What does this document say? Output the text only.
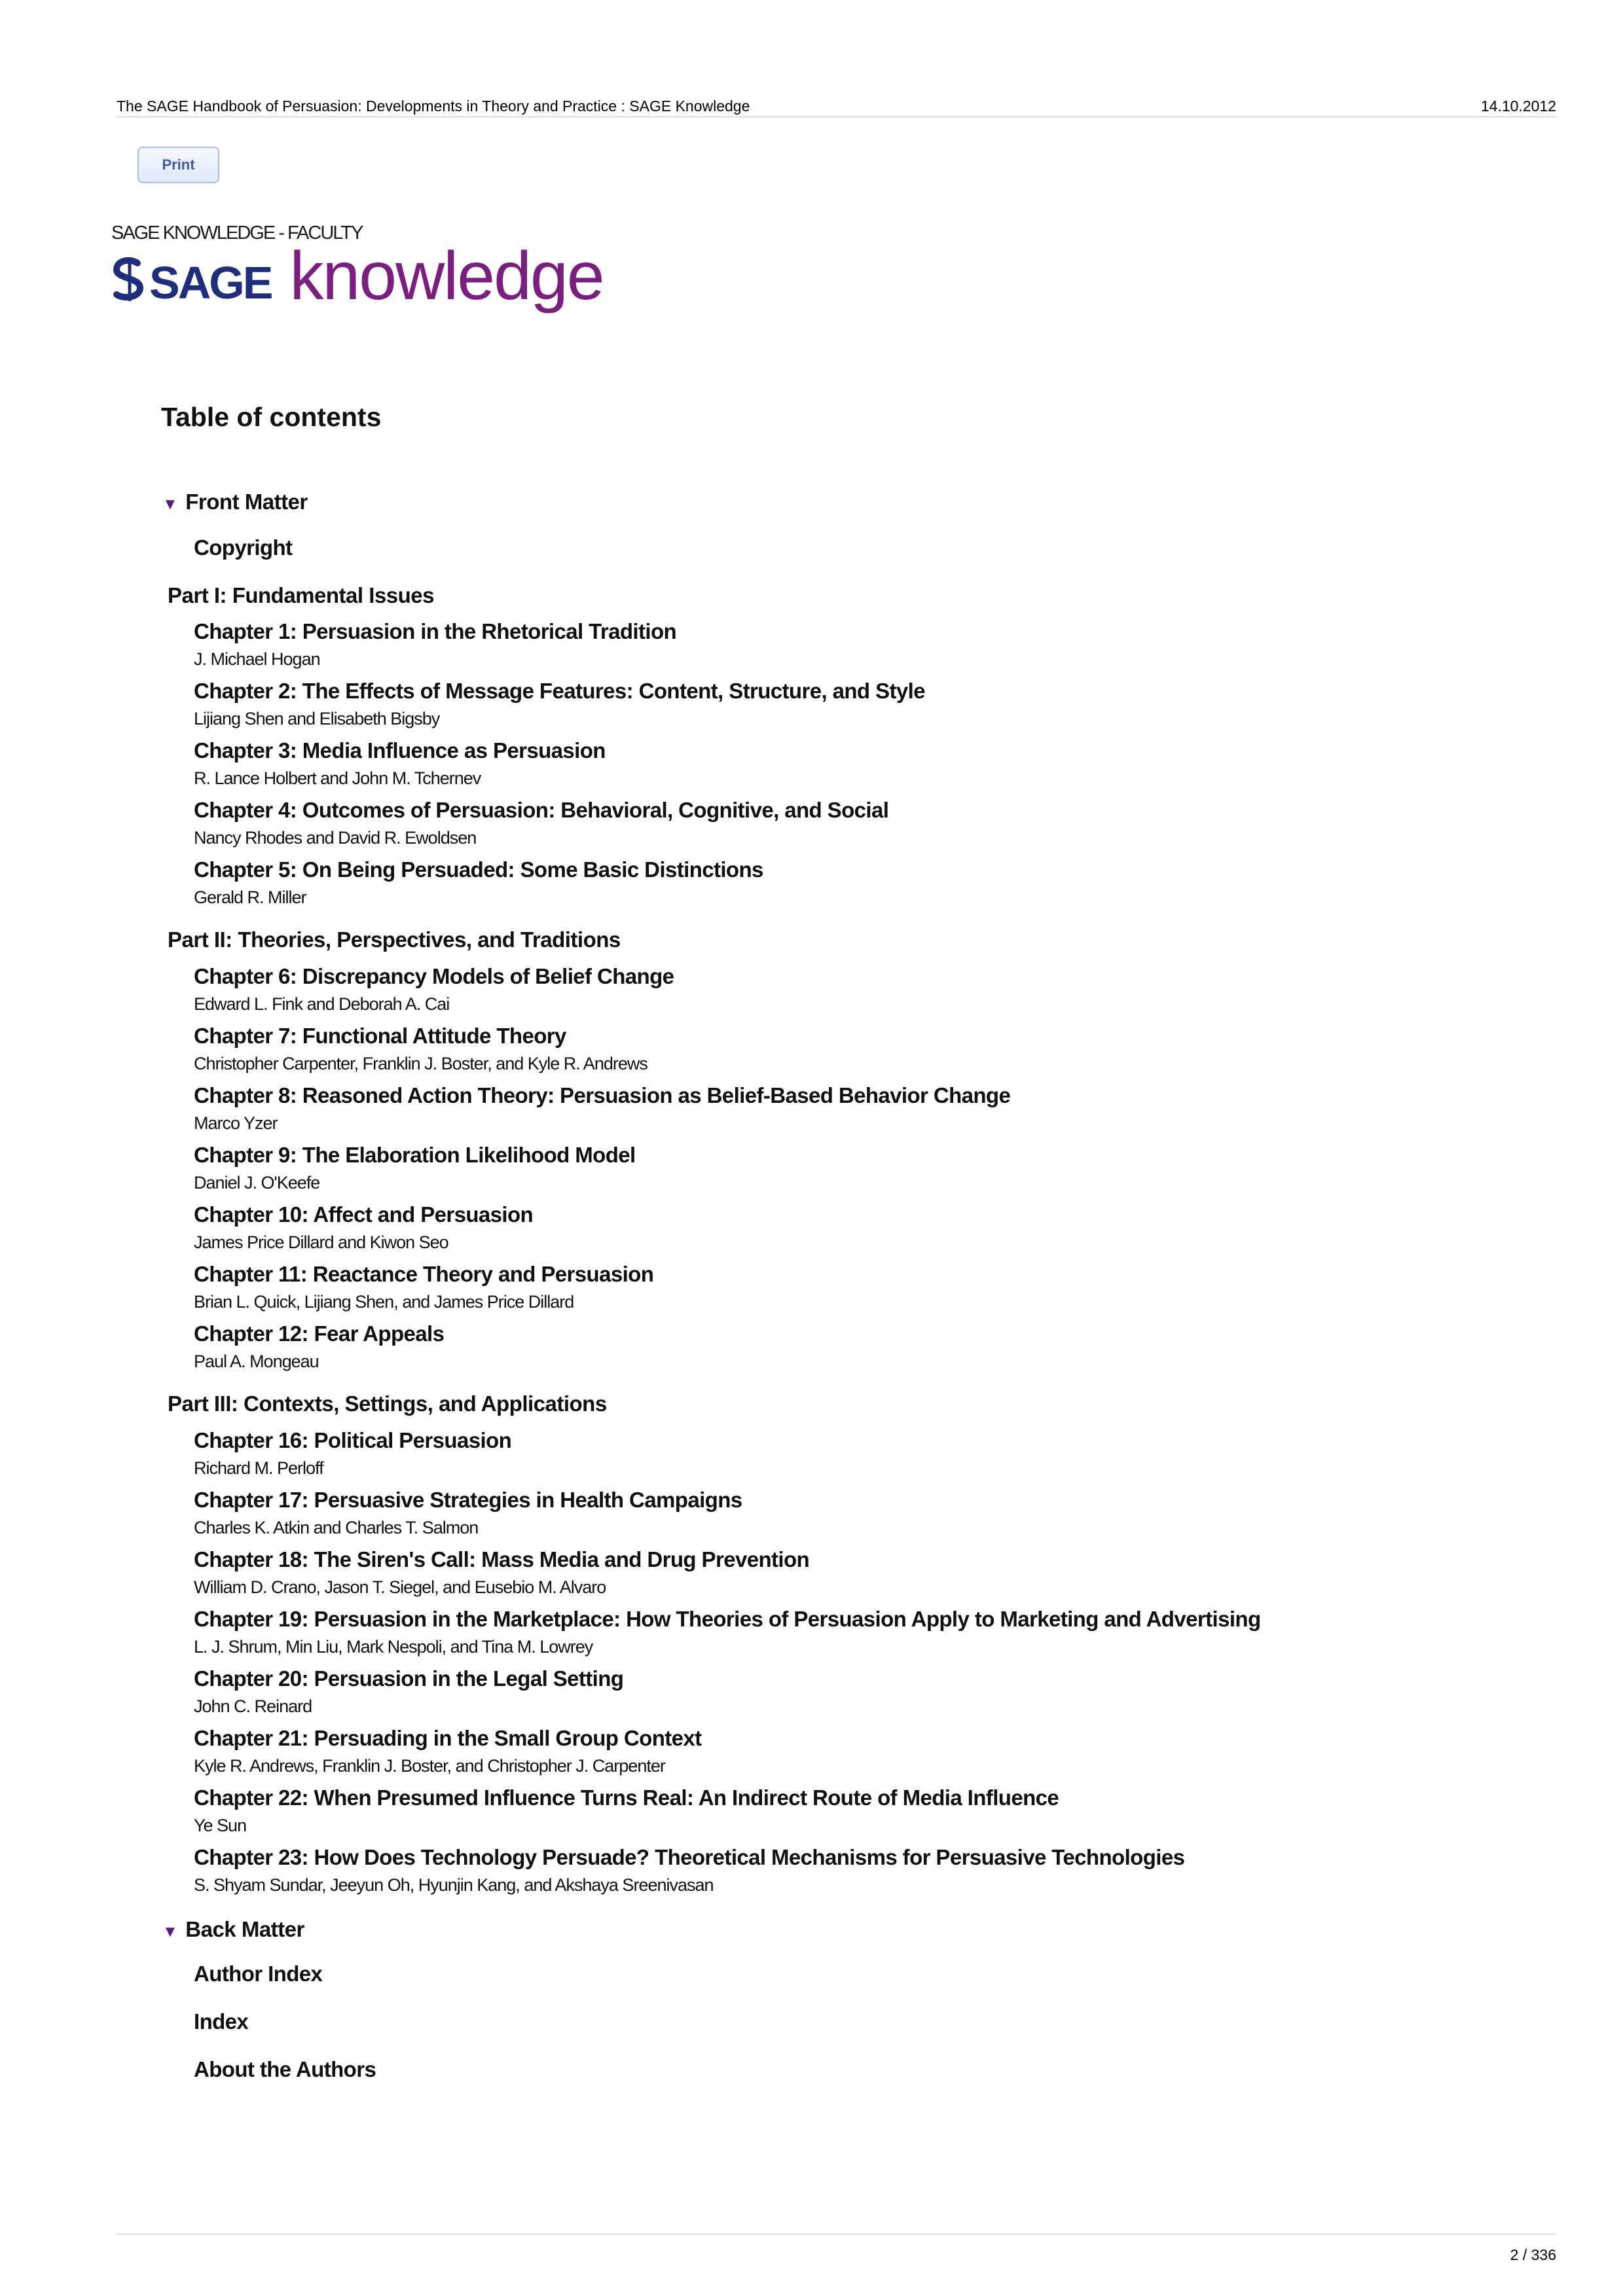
The SAGE Handbook of Persuasion: Developments in Theory and Practice : SAGE Knowledge	14.10.2012
Print
SAGE KNOWLEDGE - FACULTY
SAGE knowledge
Table of contents
▼ Front Matter
Copyright
Part I: Fundamental Issues
Chapter 1: Persuasion in the Rhetorical Tradition
J. Michael Hogan
Chapter 2: The Effects of Message Features: Content, Structure, and Style
Lijiang Shen and Elisabeth Bigsby
Chapter 3: Media Influence as Persuasion
R. Lance Holbert and John M. Tchernev
Chapter 4: Outcomes of Persuasion: Behavioral, Cognitive, and Social
Nancy Rhodes and David R. Ewoldsen
Chapter 5: On Being Persuaded: Some Basic Distinctions
Gerald R. Miller
Part II: Theories, Perspectives, and Traditions
Chapter 6: Discrepancy Models of Belief Change
Edward L. Fink and Deborah A. Cai
Chapter 7: Functional Attitude Theory
Christopher Carpenter, Franklin J. Boster, and Kyle R. Andrews
Chapter 8: Reasoned Action Theory: Persuasion as Belief-Based Behavior Change
Marco Yzer
Chapter 9: The Elaboration Likelihood Model
Daniel J. O'Keefe
Chapter 10: Affect and Persuasion
James Price Dillard and Kiwon Seo
Chapter 11: Reactance Theory and Persuasion
Brian L. Quick, Lijiang Shen, and James Price Dillard
Chapter 12: Fear Appeals
Paul A. Mongeau
Part III: Contexts, Settings, and Applications
Chapter 16: Political Persuasion
Richard M. Perloff
Chapter 17: Persuasive Strategies in Health Campaigns
Charles K. Atkin and Charles T. Salmon
Chapter 18: The Siren's Call: Mass Media and Drug Prevention
William D. Crano, Jason T. Siegel, and Eusebio M. Alvaro
Chapter 19: Persuasion in the Marketplace: How Theories of Persuasion Apply to Marketing and Advertising
L. J. Shrum, Min Liu, Mark Nespoli, and Tina M. Lowrey
Chapter 20: Persuasion in the Legal Setting
John C. Reinard
Chapter 21: Persuading in the Small Group Context
Kyle R. Andrews, Franklin J. Boster, and Christopher J. Carpenter
Chapter 22: When Presumed Influence Turns Real: An Indirect Route of Media Influence
Ye Sun
Chapter 23: How Does Technology Persuade? Theoretical Mechanisms for Persuasive Technologies
S. Shyam Sundar, Jeeyun Oh, Hyunjin Kang, and Akshaya Sreenivasan
▼ Back Matter
Author Index
Index
About the Authors
2 / 336
